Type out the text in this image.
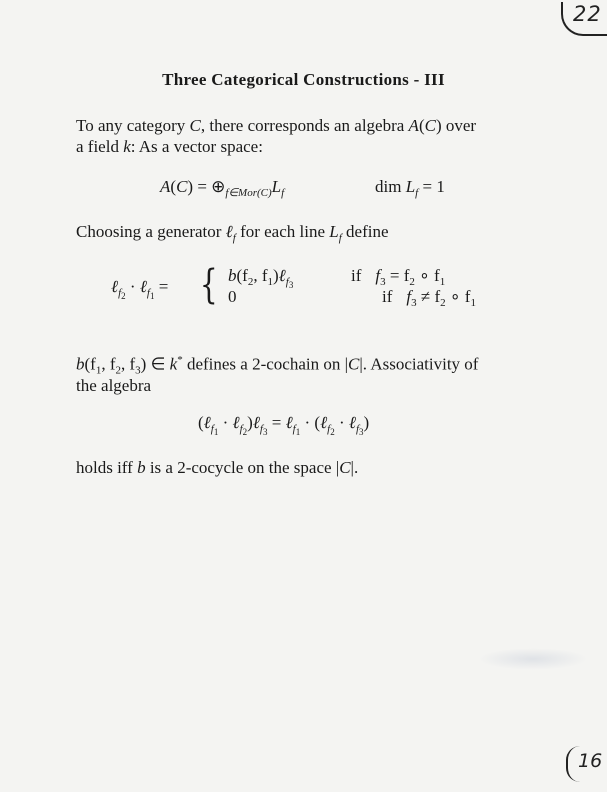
22
Three Categorical Constructions - III
To any category C, there corresponds an algebra A(C) over
a field k: As a vector space:
$A(C) = \oplus_{f\in Mor(C)}L_f$	dim $L_f = 1$
Choosing a generator ℓ$_f$ for each line $L_f$ define
ℓ$_{f_2}$ · ℓ$_{f_1}$ = { $b(f_2$, $f_1)\ell_{f_3}$
0
if $f_3 = f_2$ ∘ $f_1$
if $f_3 \ne f_2$ ∘ $f_1$
$b(f_1$, $f_2$, $f_3$) ∈ k* defines a 2-cochain on |C|. Associativity of
the algebra
(ℓ$_{f_1}$ · ℓ$_{f_2}$)ℓ$_{f_3}$ = ℓ$_{f_1}$ · (ℓ$_{f_2}$ · ℓ$_{f_3}$)
holds iff b is a 2-cocycle on the space |C|.
16
